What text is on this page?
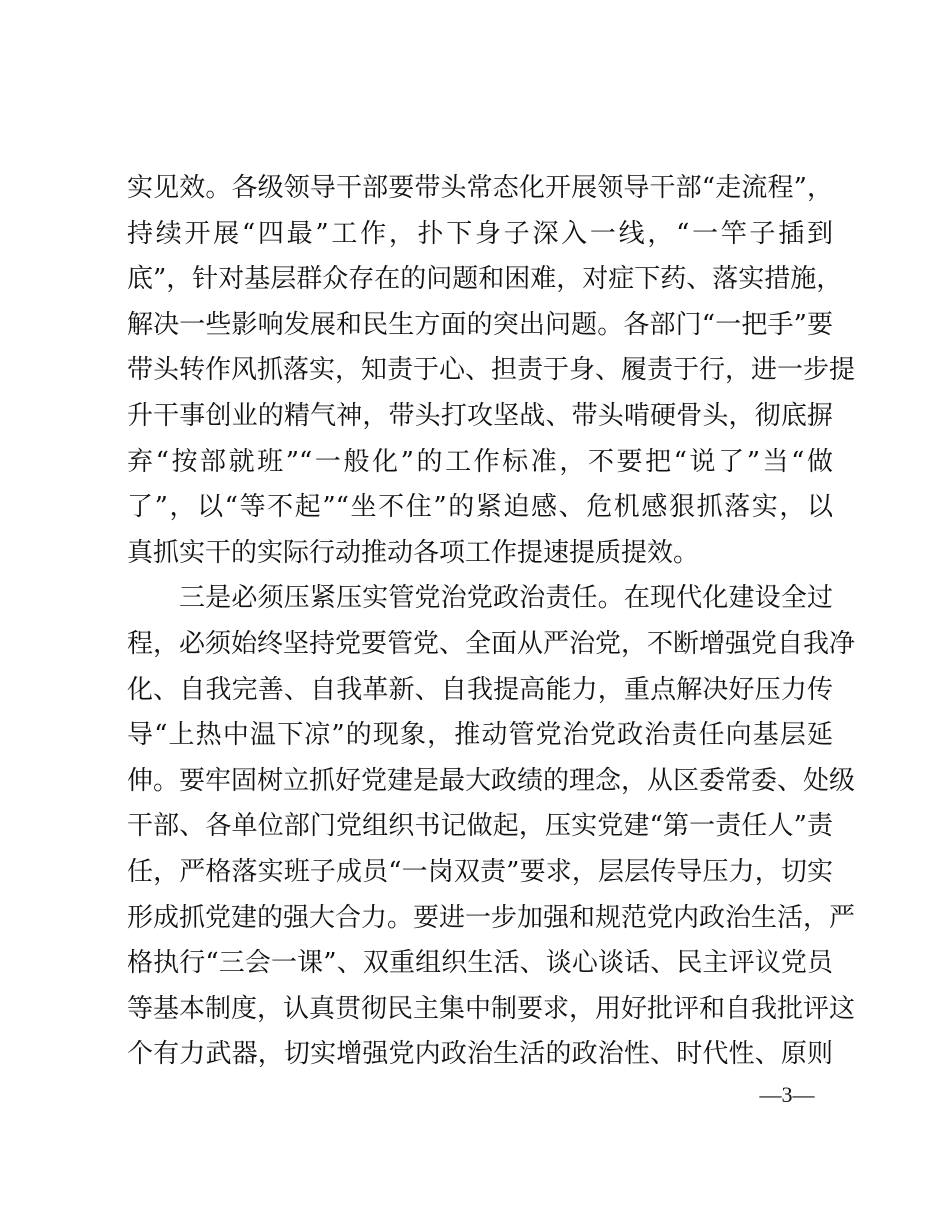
实见效。各级领导干部要带头常态化开展领导干部“走流程”，
持续开展“四最”工作，扑下身子深入一线，“一竿子插到
底”，针对基层群众存在的问题和困难，对症下药、落实措施，
解决一些影响发展和民生方面的突出问题。各部门“一把手”要
带头转作风抓落实，知责于心、担责于身、履责于行，进一步提
升干事创业的精气神，带头打攻坚战、带头啃硬骨头，彻底摒
弃“按部就班”“一般化”的工作标准，不要把“说了”当“做
了”，以“等不起”“坐不住”的紧迫感、危机感狠抓落实，以
真抓实干的实际行动推动各项工作提速提质提效。
三是必须压紧压实管党治党政治责任。在现代化建设全过
程，必须始终坚持党要管党、全面从严治党，不断增强党自我净
化、自我完善、自我革新、自我提高能力，重点解决好压力传
导“上热中温下凉”的现象，推动管党治党政治责任向基层延
伸。要牢固树立抓好党建是最大政绩的理念，从区委常委、处级
干部、各单位部门党组织书记做起，压实党建“第一责任人”责
任，严格落实班子成员“一岗双责”要求，层层传导压力，切实
形成抓党建的强大合力。要进一步加强和规范党内政治生活，严
格执行“三会一课”、双重组织生活、谈心谈话、民主评议党员
等基本制度，认真贯彻民主集中制要求，用好批评和自我批评这
个有力武器，切实增强党内政治生活的政治性、时代性、原则
—3—
